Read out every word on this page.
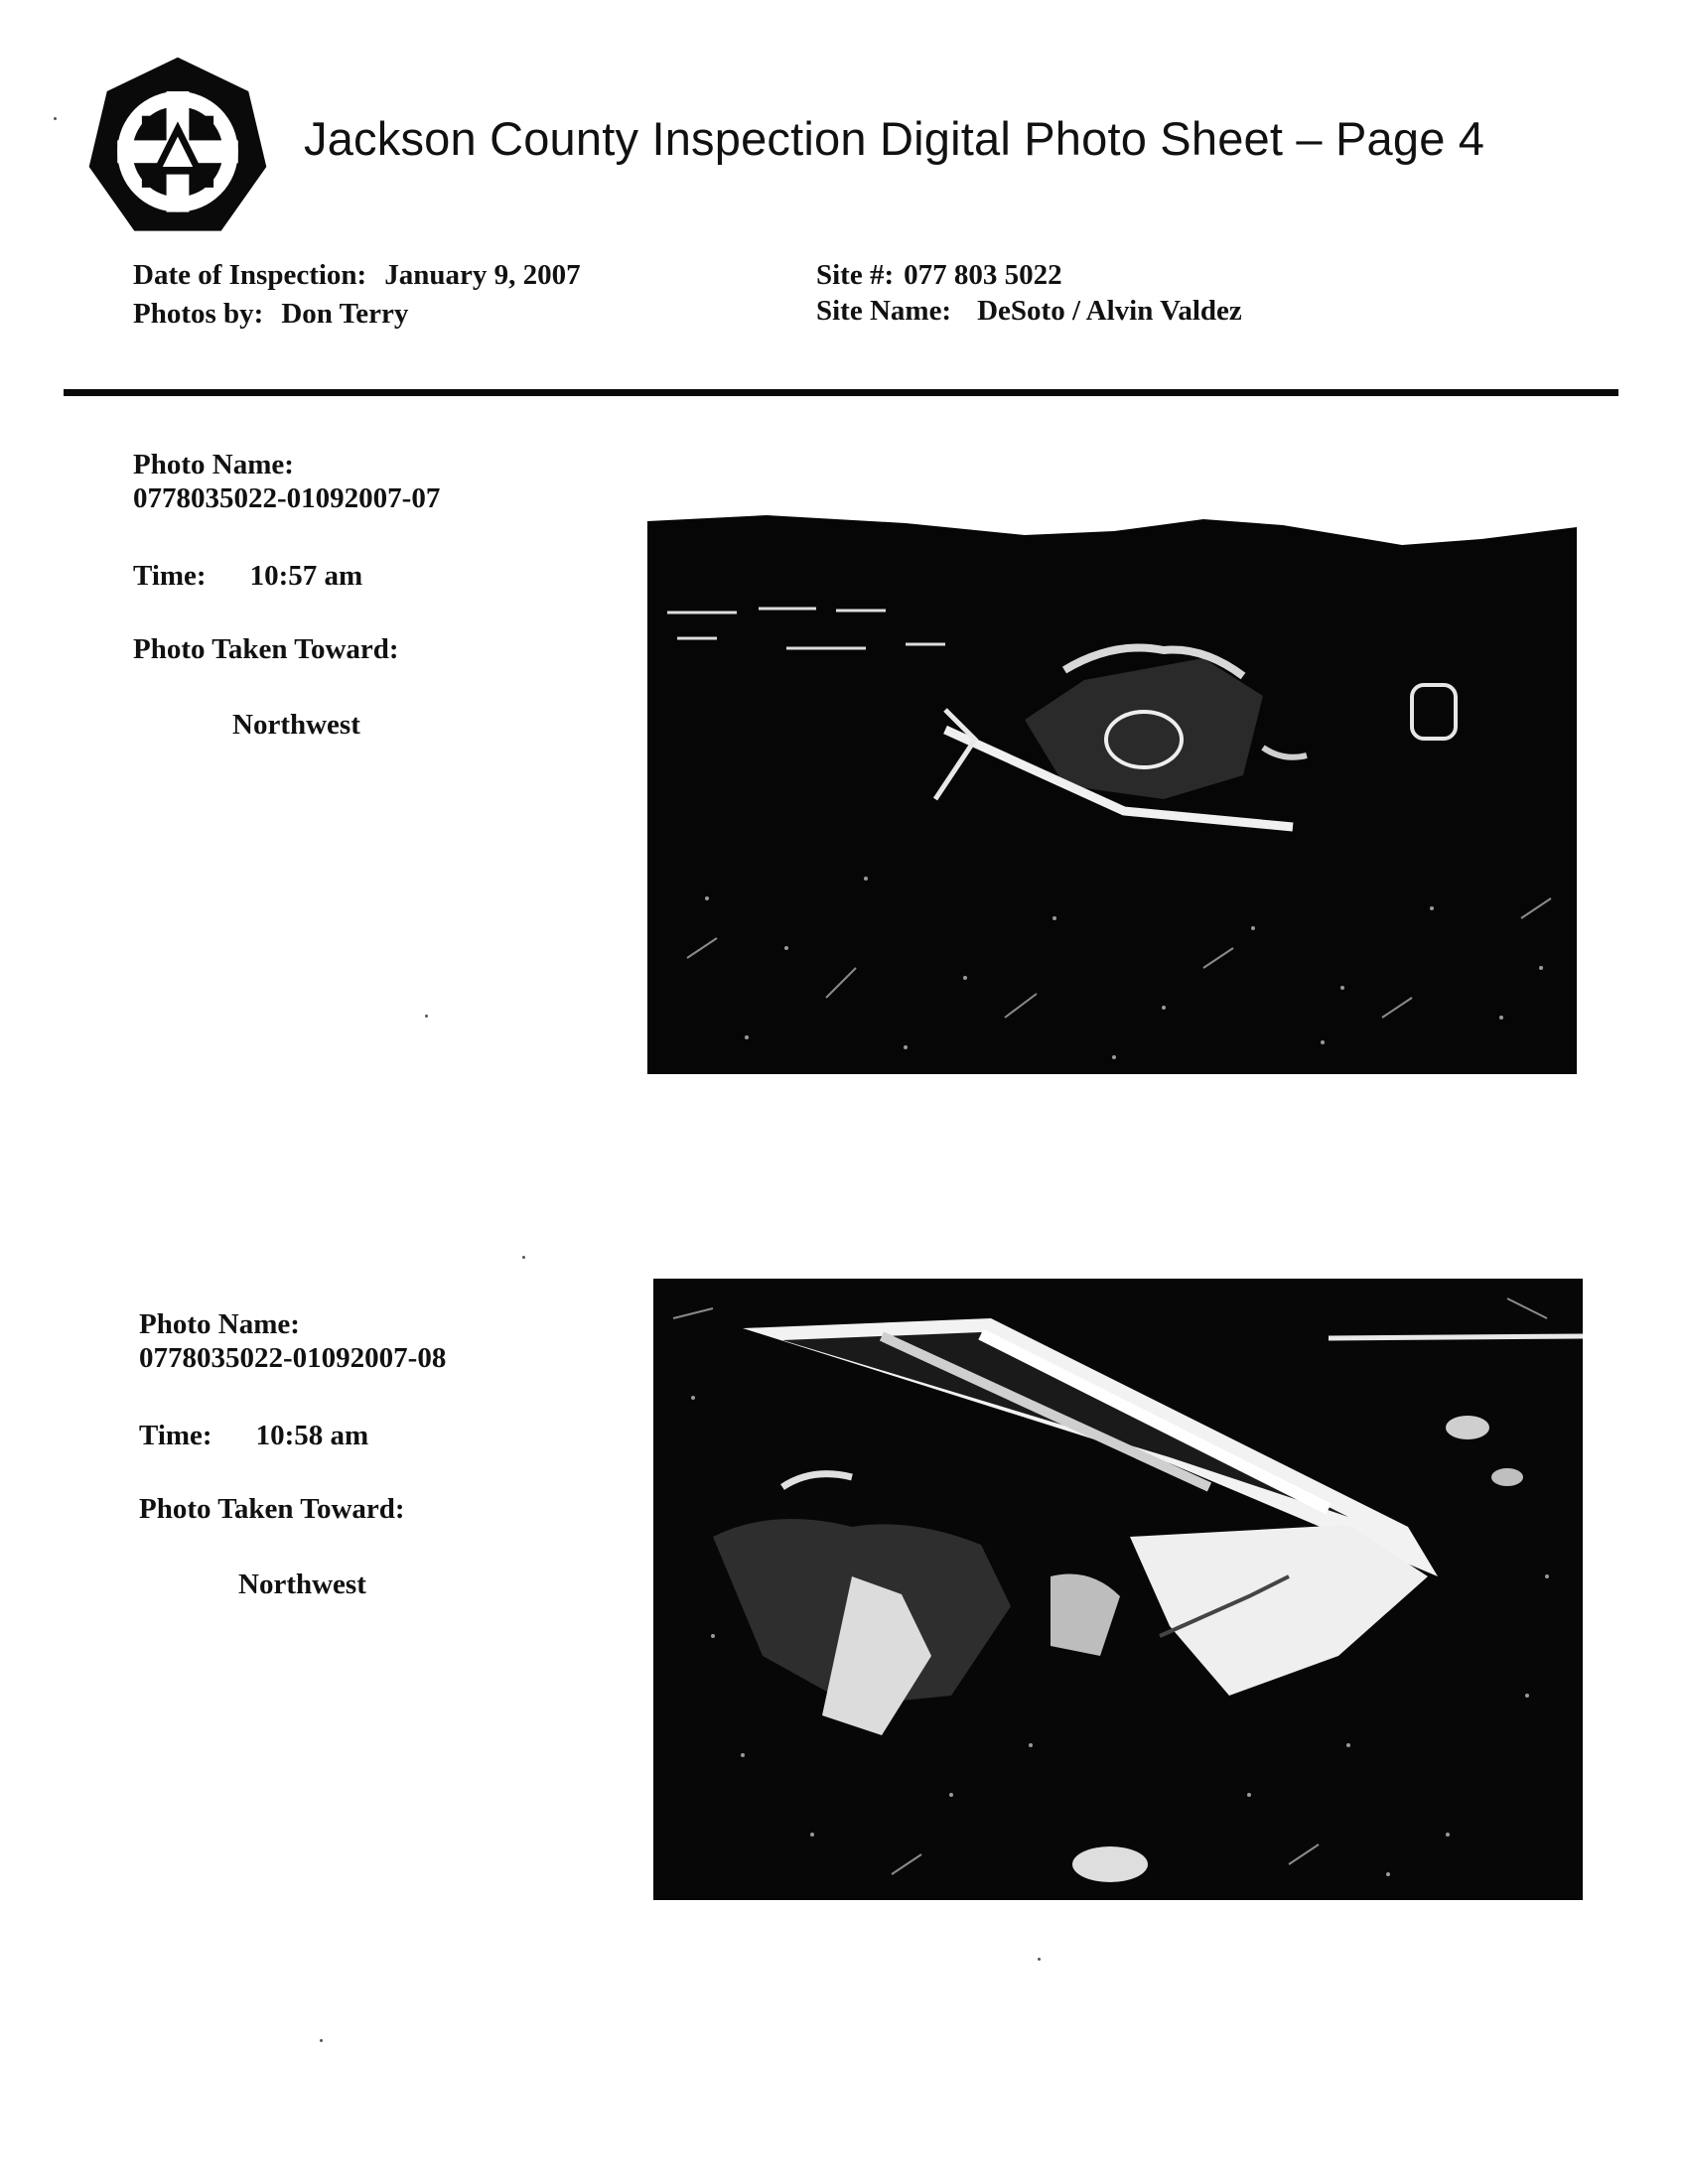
Jackson County Inspection Digital Photo Sheet – Page 4
Date of Inspection: January 9, 2007
Photos by: Don Terry
Site #: 077 803 5022
Site Name: DeSoto / Alvin Valdez
Photo Name:
0778035022-01092007-07
Time: 10:57 am
Photo Taken Toward:
Northwest
Photo Name:
0778035022-01092007-08
Time: 10:58 am
Photo Taken Toward:
Northwest
